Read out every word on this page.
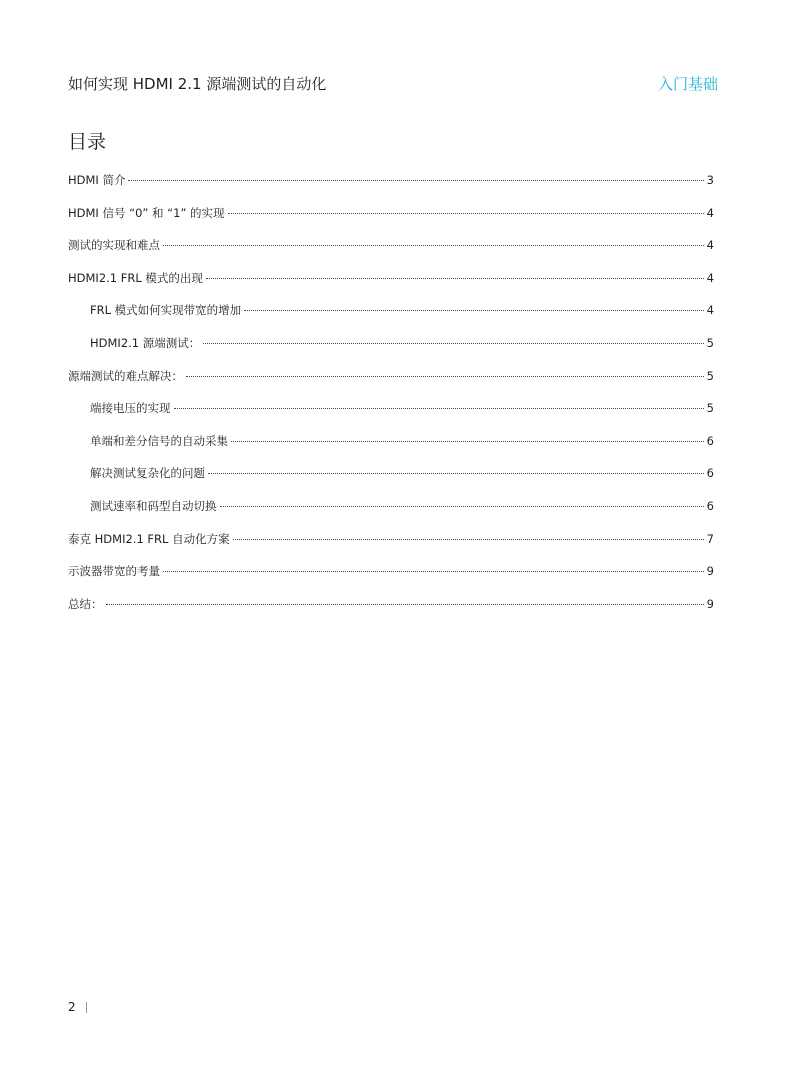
如何实现 HDMI 2.1 源端测试的自动化	入门基础
目录
HDMI 简介	3
HDMI 信号 “0” 和 “1” 的实现	4
测试的实现和难点	4
HDMI2.1 FRL 模式的出现	4
FRL 模式如何实现带宽的增加	4
HDMI2.1 源端测试：	5
源端测试的难点解决：	5
端接电压的实现	5
单端和差分信号的自动采集	6
解决测试复杂化的问题	6
测试速率和码型自动切换	6
泰克 HDMI2.1 FRL 自动化方案	7
示波器带宽的考量	9
总结：	9
2
